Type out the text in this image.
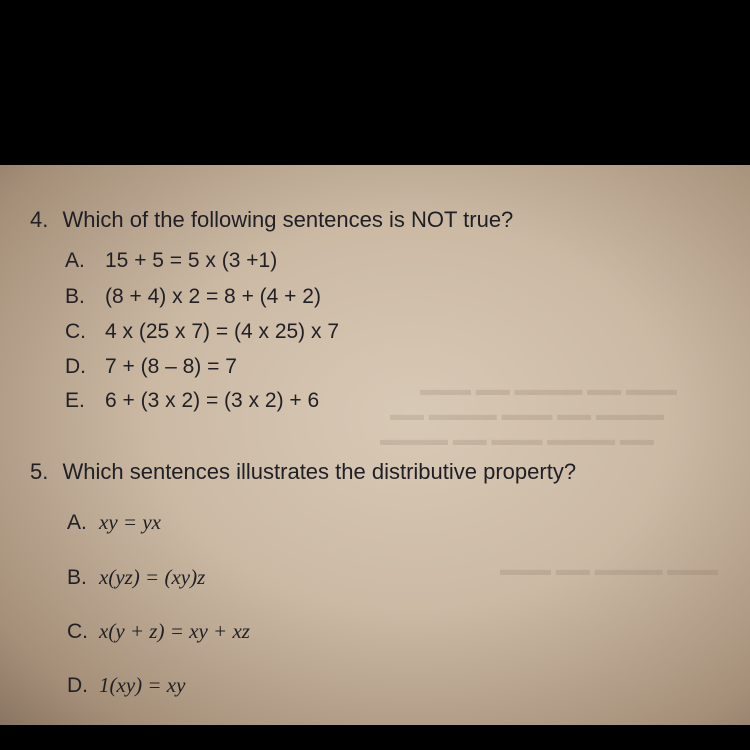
▬▬▬ ▬▬ ▬▬▬▬ ▬▬ ▬▬▬
▬▬▬▬ ▬▬ ▬▬▬ ▬▬▬▬ ▬▬
▬▬ ▬▬▬▬ ▬▬▬ ▬▬ ▬▬▬▬
▬▬▬ ▬▬▬▬ ▬▬ ▬▬▬
4. Which of the following sentences is NOT true?
A. 15 + 5 = 5 x (3 +1)
B. (8 + 4) x 2 = 8 + (4 + 2)
C. 4 x (25 x 7) = (4 x 25) x 7
D. 7 + (8 – 8) = 7
E. 6 + (3 x 2) = (3 x 2) + 6
5. Which sentences illustrates the distributive property?
A. xy = yx
B. x(yz) = (xy)z
C. x(y + z) = xy + xz
D. 1(xy) = xy
